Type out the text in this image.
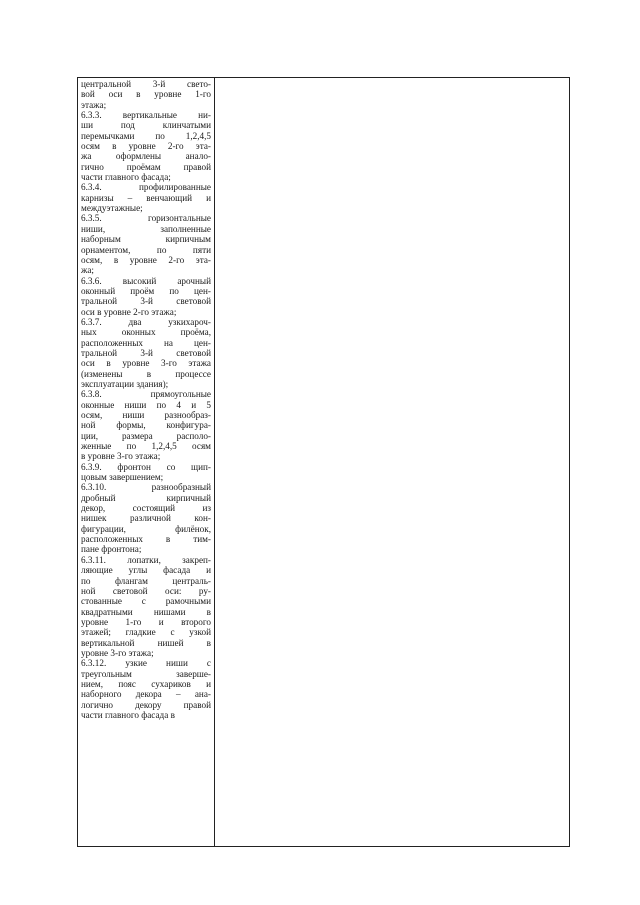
центральной 3-й свето-
вой оси в уровне 1-го
этажа;
6.3.3. вертикальные ни-
ши под клинчатыми
перемычками по 1,2,4,5
осям в уровне 2-го эта-
жа оформлены анало-
гично проёмам правой
части главного фасада;
6.3.4. профилированные
карнизы – венчающий и
междуэтажные;
6.3.5. горизонтальные
ниши, заполненные
наборным кирпичным
орнаментом, по пяти
осям, в уровне 2-го эта-
жа;
6.3.6. высокий арочный
оконный проём по цен-
тральной 3-й световой
оси в уровне 2-го этажа;
6.3.7. два узкихароч-
ных оконных проёма,
расположенных на цен-
тральной 3-й световой
оси в уровне 3-го этажа
(изменены в процессе
эксплуатации здания);
6.3.8. прямоугольные
оконные ниши по 4 и 5
осям, ниши разнообраз-
ной формы, конфигура-
ции, размера располо-
женные по 1,2,4,5 осям
в уровне 3-го этажа;
6.3.9. фронтон со щип-
цовым завершением;
6.3.10. разнообразный
дробный кирпичный
декор, состоящий из
нишек различной кон-
фигурации, филёнок,
расположенных в тим-
пане фронтона;
6.3.11. лопатки, закреп-
ляющие углы фасада и
по флангам централь-
ной световой оси: ру-
стованные с рамочными
квадратными нишами в
уровне 1-го и второго
этажей; гладкие с узкой
вертикальной нишей в
уровне 3-го этажа;
6.3.12. узкие ниши с
треугольным заверше-
нием, пояс сухариков и
наборного декора – ана-
логично декору правой
части главного фасада в
